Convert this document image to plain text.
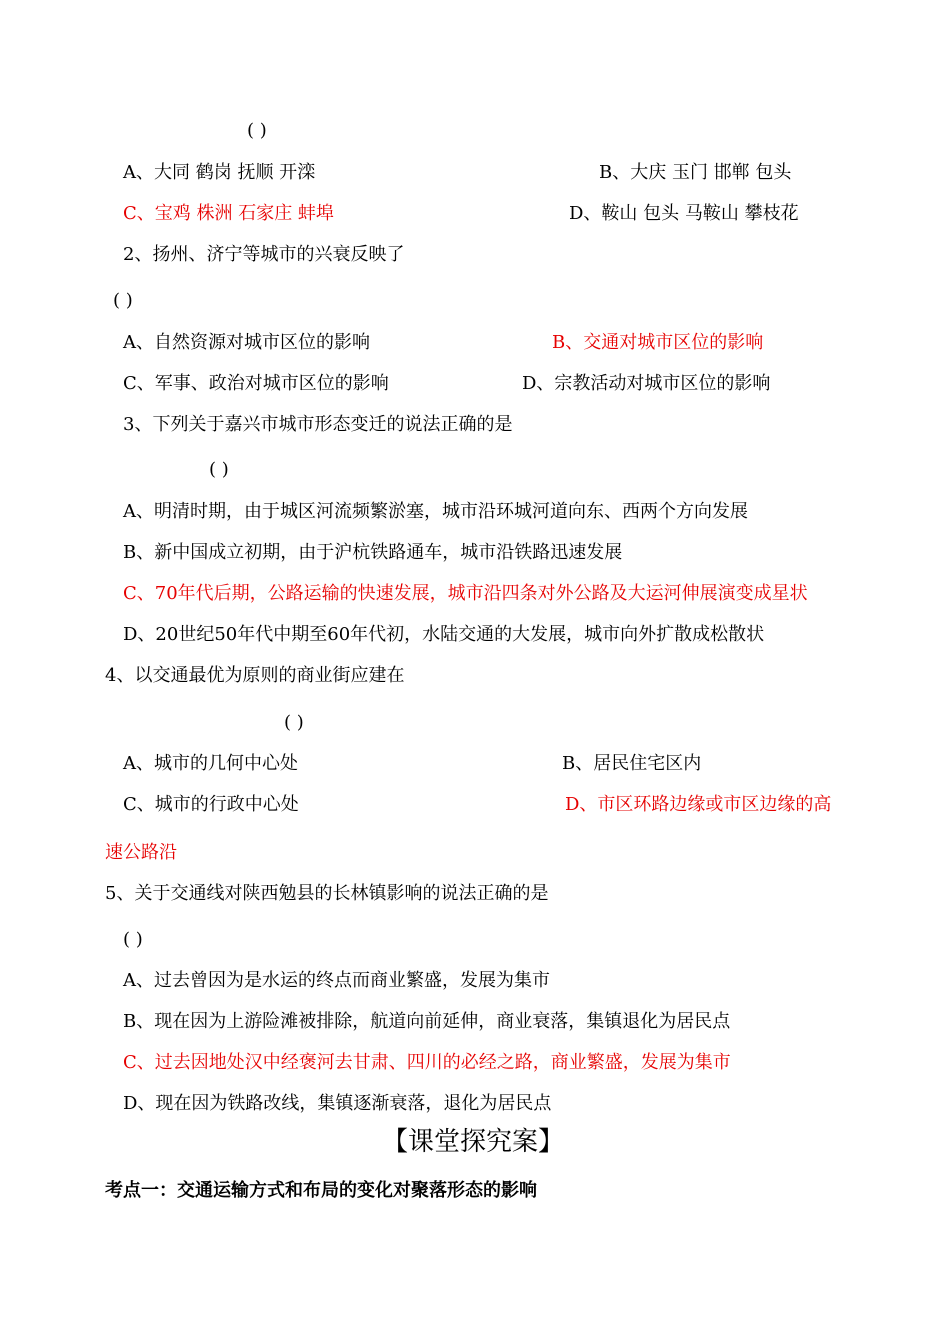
( )
A、大同 鹤岗 抚顺 开滦	B、大庆 玉门 邯郸 包头
C、宝鸡 株洲 石家庄 蚌埠	D、鞍山 包头 马鞍山 攀枝花
2、扬州、济宁等城市的兴衰反映了
( )
A、自然资源对城市区位的影响	B、交通对城市区位的影响
C、军事、政治对城市区位的影响	D、宗教活动对城市区位的影响
3、下列关于嘉兴市城市形态变迁的说法正确的是
( )
A、明清时期，由于城区河流频繁淤塞，城市沿环城河道向东、西两个方向发展
B、新中国成立初期，由于沪杭铁路通车，城市沿铁路迅速发展
C、70年代后期，公路运输的快速发展，城市沿四条对外公路及大运河伸展演变成星状
D、20世纪50年代中期至60年代初，水陆交通的大发展，城市向外扩散成松散状
4、以交通最优为原则的商业街应建在
( )
A、城市的几何中心处	B、居民住宅区内
C、城市的行政中心处	D、市区环路边缘或市区边缘的高
速公路沿
5、关于交通线对陕西勉县的长林镇影响的说法正确的是
( )
A、过去曾因为是水运的终点而商业繁盛，发展为集市
B、现在因为上游险滩被排除，航道向前延伸，商业衰落，集镇退化为居民点
C、过去因地处汉中经褒河去甘肃、四川的必经之路，商业繁盛，发展为集市
D、现在因为铁路改线，集镇逐渐衰落，退化为居民点
【课堂探究案】
考点一：交通运输方式和布局的变化对聚落形态的影响
